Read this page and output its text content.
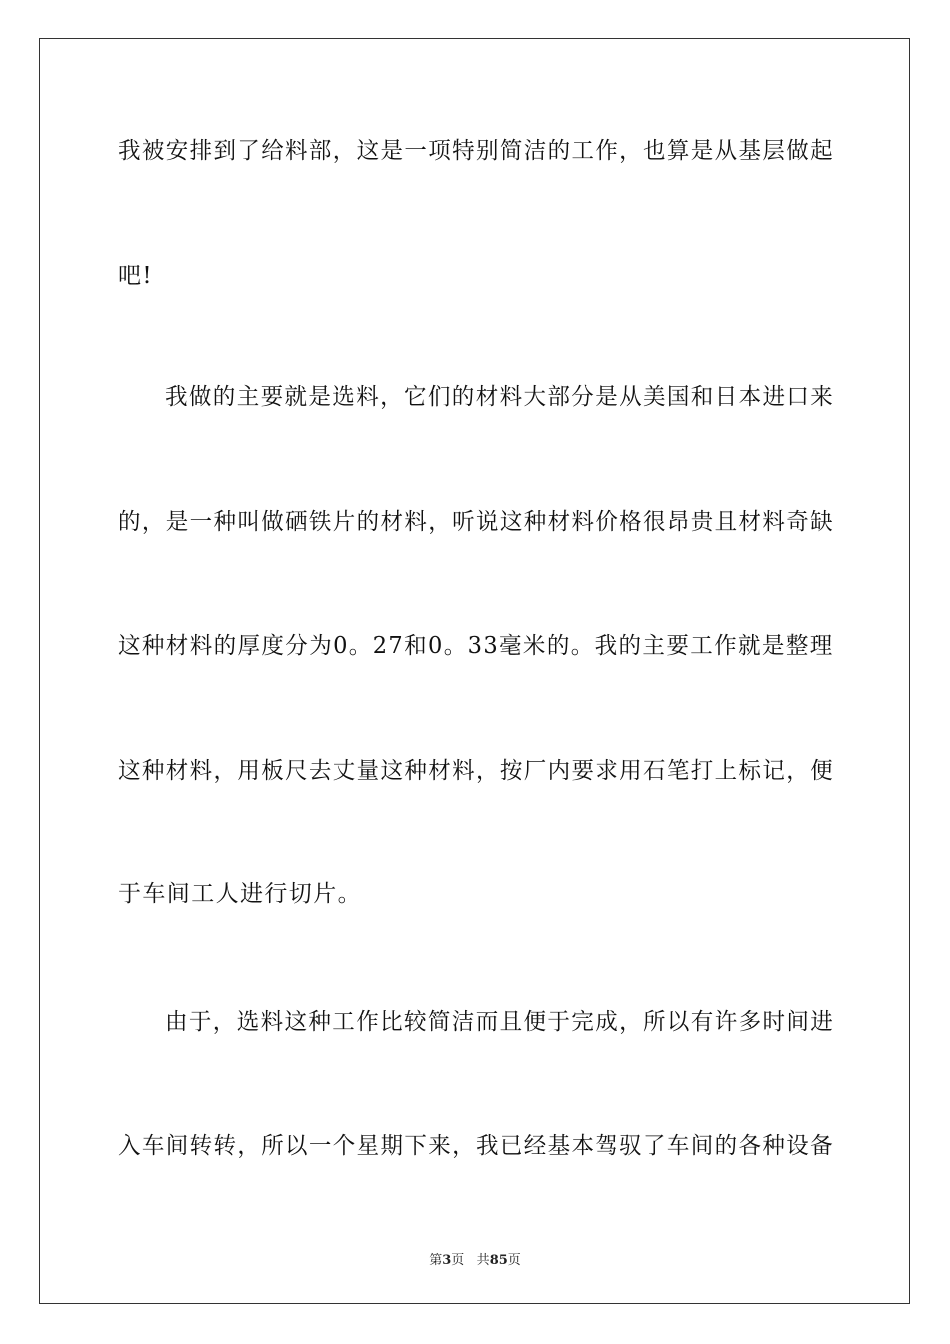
我被安排到了给料部，这是一项特别简洁的工作，也算是从基层做起
吧!
我做的主要就是选料，它们的材料大部分是从美国和日本进口来
的，是一种叫做硒铁片的材料，听说这种材料价格很昂贵且材料奇缺
这种材料的厚度分为0。27和0。33毫米的。我的主要工作就是整理
这种材料，用板尺去丈量这种材料，按厂内要求用石笔打上标记，便
于车间工人进行切片。
由于，选料这种工作比较简洁而且便于完成，所以有许多时间进
入车间转转，所以一个星期下来，我已经基本驾驭了车间的各种设备
第3页 共85页
